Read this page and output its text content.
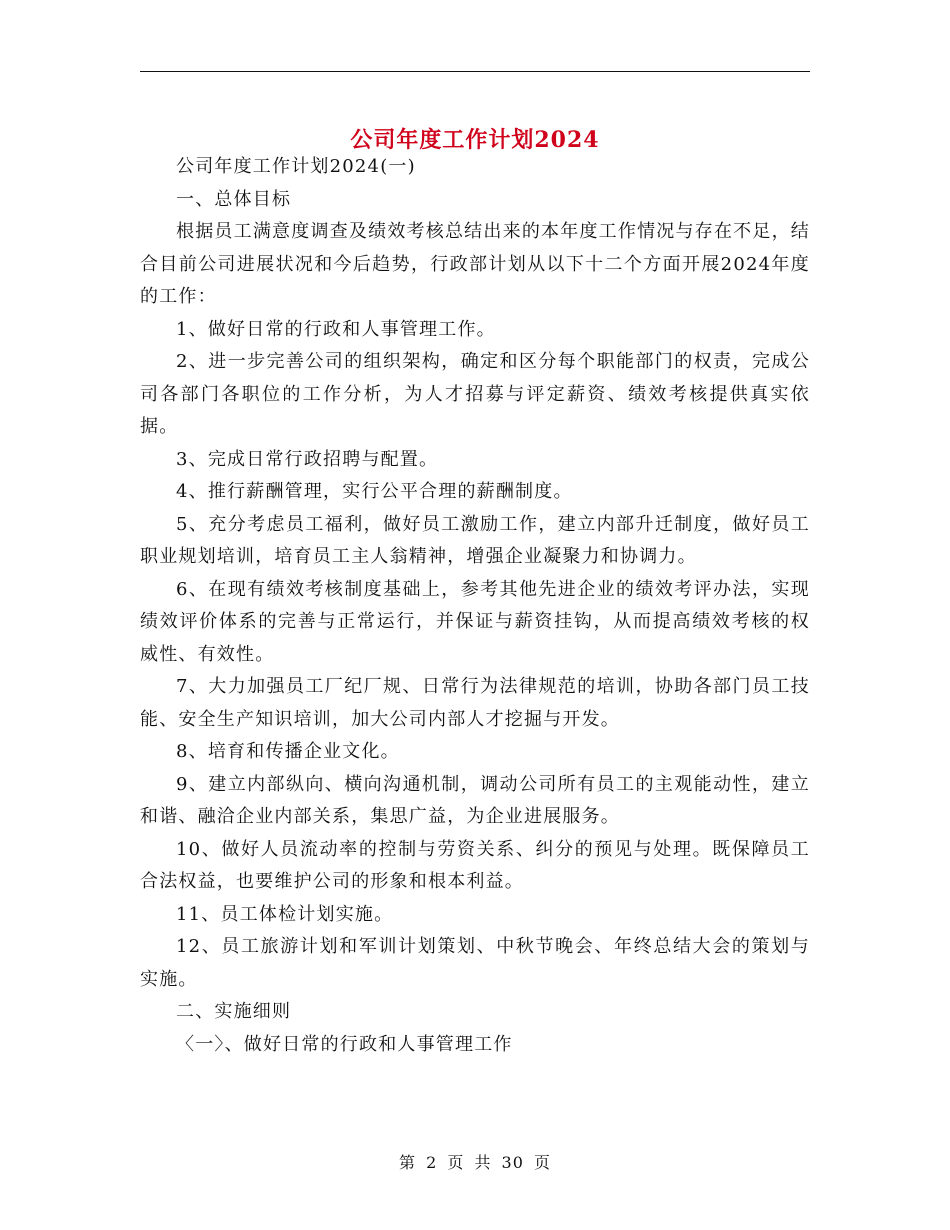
公司年度工作计划2024

公司年度工作计划2024(一)

一、总体目标

根据员工满意度调查及绩效考核总结出来的本年度工作情况与存在不足，结合目前公司进展状况和今后趋势，行政部计划从以下十二个方面开展2024年度的工作：

1、做好日常的行政和人事管理工作。

2、进一步完善公司的组织架构，确定和区分每个职能部门的权责，完成公司各部门各职位的工作分析，为人才招募与评定薪资、绩效考核提供真实依据。

3、完成日常行政招聘与配置。

4、推行薪酬管理，实行公平合理的薪酬制度。

5、充分考虑员工福利，做好员工激励工作，建立内部升迁制度，做好员工职业规划培训，培育员工主人翁精神，增强企业凝聚力和协调力。

6、在现有绩效考核制度基础上，参考其他先进企业的绩效考评办法，实现绩效评价体系的完善与正常运行，并保证与薪资挂钩，从而提高绩效考核的权威性、有效性。

7、大力加强员工厂纪厂规、日常行为法律规范的培训，协助各部门员工技能、安全生产知识培训，加大公司内部人才挖掘与开发。

8、培育和传播企业文化。

9、建立内部纵向、横向沟通机制，调动公司所有员工的主观能动性，建立和谐、融洽企业内部关系，集思广益，为企业进展服务。

10、做好人员流动率的控制与劳资关系、纠分的预见与处理。既保障员工合法权益，也要维护公司的形象和根本利益。

11、员工体检计划实施。

12、员工旅游计划和军训计划策划、中秋节晚会、年终总结大会的策划与实施。

二、实施细则

〈一〉、做好日常的行政和人事管理工作

第 2 页 共 30 页
